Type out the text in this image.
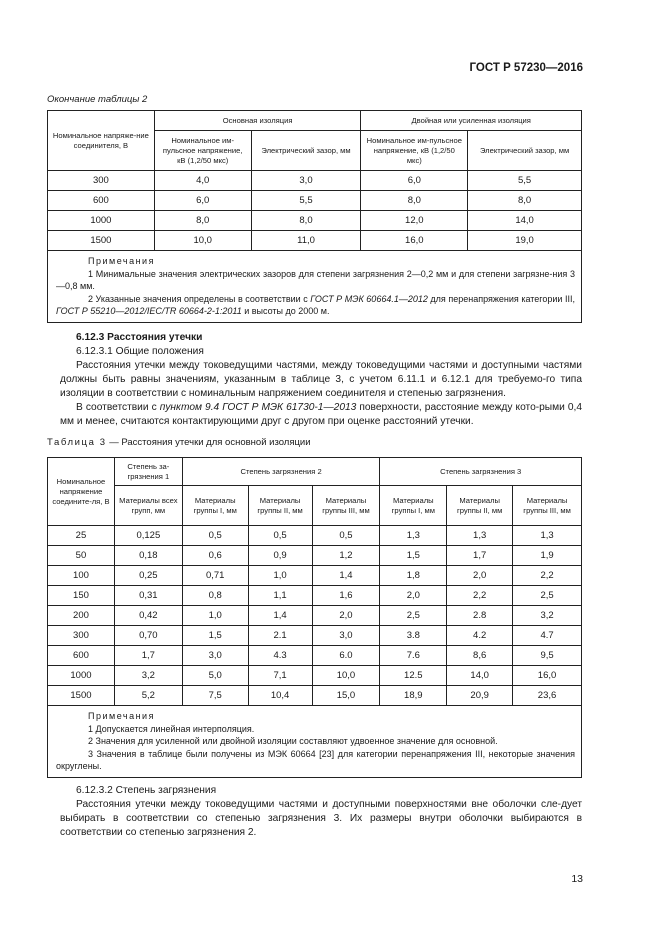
ГОСТ Р 57230—2016
Окончание таблицы 2
Номинальное напряже-ние соединителя, В	Основная изоляция		Двойная или усиленная изоляция	
	Номинальное им-пульсное напряжение, кВ (1,2/50 мкс)	Электрический зазор, мм	Номинальное им-пульсное напряжение, кВ (1,2/50 мкс)	Электрический зазор, мм
300	4,0	3,0	6,0	5,5
600	6,0	5,5	8,0	8,0
1000	8,0	8,0	12,0	14,0
1500	10,0	11,0	16,0	19,0

Примечания
1 Минимальные значения электрических зазоров для степени загрязнения 2—0,2 мм и для степени загрязне-ния 3—0,8 мм.
2 Указанные значения определены в соответствии с ГОСТ Р МЭК 60664.1—2012 для перенапряжения категории III, ГОСТ Р 55210—2012/IEC/TR 60664-2-1:2011 и высоты до 2000 м.				
6.12.3 Расстояния утечки
6.12.3.1 Общие положения

Расстояния утечки между токоведущими частями, между токоведущими частями и доступными частями должны быть равны значениям, указанным в таблице 3, с учетом 6.11.1 и 6.12.1 для требуемо-го типа изоляции в соответствии с номинальным напряжением соединителя и степенью загрязнения.

В соответствии с пунктом 9.4 ГОСТ Р МЭК 61730-1—2013 поверхности, расстояние между кото-рыми 0,4 мм и менее, считаются контактирующими друг с другом при оценке расстояний утечки.

Таблица 3 — Расстояния утечки для основной изоляции
Номинальное напряжение соедините-ля, В	Степень за-грязнения 1	Степень загрязнения 2			Степень загрязнения 3		
	Материалы всех групп, мм	Материалы группы I, мм	Материалы группы II, мм	Материалы группы III, мм	Материалы группы I, мм	Материалы группы II, мм	Материалы группы III, мм
25	0,125	0,5	0,5	0,5	1,3	1,3	1,3
50	0,18	0,6	0,9	1,2	1,5	1,7	1,9
100	0,25	0,71	1,0	1,4	1,8	2,0	2,2
150	0,31	0,8	1,1	1,6	2,0	2,2	2,5
200	0,42	1,0	1,4	2,0	2,5	2.8	3,2
300	0,70	1,5	2.1	3,0	3.8	4.2	4.7
600	1,7	3,0	4.3	6.0	7.6	8,6	9,5
1000	3,2	5,0	7,1	10,0	12.5	14,0	16,0
1500	5,2	7,5	10,4	15,0	18,9	20,9	23,6

Примечания
1 Допускается линейная интерполяция.
2 Значения для усиленной или двойной изоляции составляют удвоенное значение для основной.
3 Значения в таблице были получены из МЭК 60664 [23] для категории перенапряжения III, некоторые значения округлены.							
6.12.3.2 Степень загрязнения

Расстояния утечки между токоведущими частями и доступными поверхностями вне оболочки сле-дует выбирать в соответствии со степенью загрязнения 3. Их размеры внутри оболочки выбираются в соответствии со степенью загрязнения 2.

13
